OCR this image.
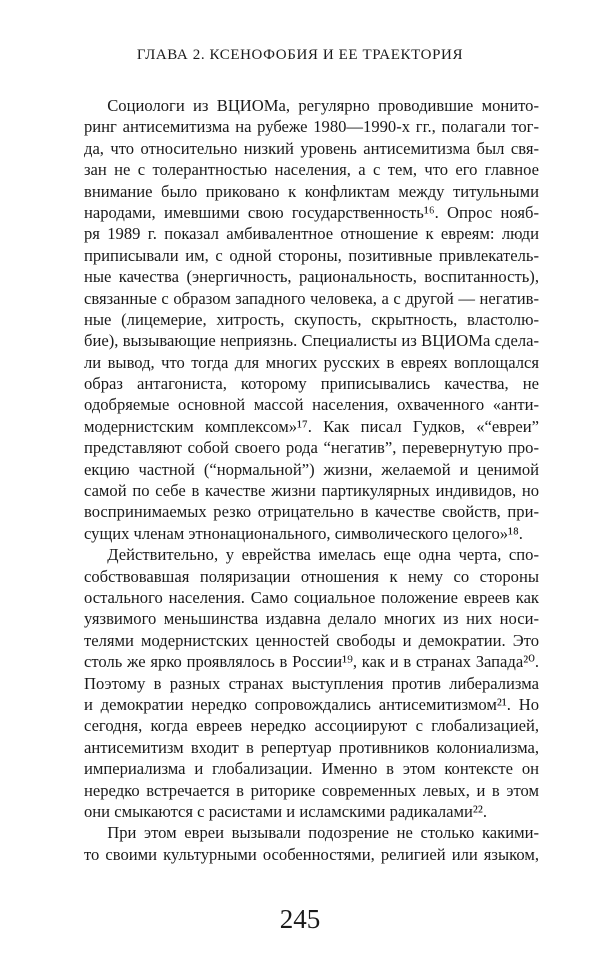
ГЛАВА 2. КСЕНОФОБИЯ И ЕЕ ТРАЕКТОРИЯ
Социологи из ВЦИОМа, регулярно проводившие монито-
ринг антисемитизма на рубеже 1980—1990-х гг., полагали тог-
да, что относительно низкий уровень антисемитизма был свя-
зан не с толерантностью населения, а с тем, что его главное
внимание было приковано к конфликтам между титульными
народами, имевшими свою государственность¹⁶. Опрос нояб-
ря 1989 г. показал амбивалентное отношение к евреям: люди
приписывали им, с одной стороны, позитивные привлекатель-
ные качества (энергичность, рациональность, воспитанность),
связанные с образом западного человека, а с другой — негатив-
ные (лицемерие, хитрость, скупость, скрытность, властолю-
бие), вызывающие неприязнь. Специалисты из ВЦИОМа сдела-
ли вывод, что тогда для многих русских в евреях воплощался
образ антагониста, которому приписывались качества, не
одобряемые основной массой населения, охваченного «анти-
модернистским комплексом»¹⁷. Как писал Гудков, «“евреи”
представляют собой своего рода “негатив”, перевернутую про-
екцию частной (“нормальной”) жизни, желаемой и ценимой
самой по себе в качестве жизни партикулярных индивидов, но
воспринимаемых резко отрицательно в качестве свойств, при-
сущих членам этнонационального, символического целого»¹⁸.
Действительно, у еврейства имелась еще одна черта, спо-
собствовавшая поляризации отношения к нему со стороны
остального населения. Само социальное положение евреев как
уязвимого меньшинства издавна делало многих из них носи-
телями модернистских ценностей свободы и демократии. Это
столь же ярко проявлялось в России¹⁹, как и в странах Запада²⁰.
Поэтому в разных странах выступления против либерализма
и демократии нередко сопровождались антисемитизмом²¹. Но
сегодня, когда евреев нередко ассоциируют с глобализацией,
антисемитизм входит в репертуар противников колониализма,
империализма и глобализации. Именно в этом контексте он
нередко встречается в риторике современных левых, и в этом
они смыкаются с расистами и исламскими радикалами²².
При этом евреи вызывали подозрение не столько какими-
то своими культурными особенностями, религией или языком,
245
